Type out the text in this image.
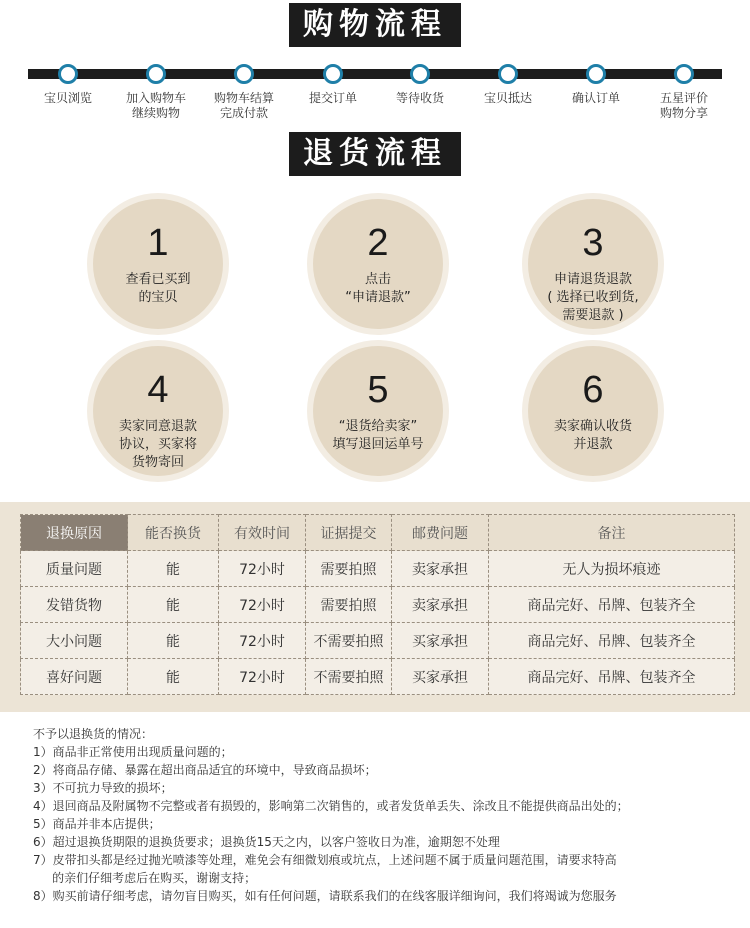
购物流程
宝贝浏览	加入购物车
继续购物
购物车结算
完成付款
提交订单	等待收货	宝贝抵达	确认订单	五星评价
购物分享
退货流程
1
查看已买到
的宝贝
2
点击
“申请退款”
3
申请退货退款
( 选择已收到货,
需要退款 )
4
卖家同意退款
协议，买家将
货物寄回
5
“退货给卖家”
填写退回运单号
6
卖家确认收货
并退款
退换原因	能否换货	有效时间	证据提交	邮费问题	备注
质量问题	能	72小时	需要拍照	卖家承担	无人为损坏痕迹
发错货物	能	72小时	需要拍照	卖家承担	商品完好、吊牌、包装齐全
大小问题	能	72小时	不需要拍照	买家承担	商品完好、吊牌、包装齐全
喜好问题	能	72小时	不需要拍照	买家承担	商品完好、吊牌、包装齐全
不予以退换货的情况：
1）商品非正常使用出现质量问题的；
2）将商品存储、暴露在超出商品适宜的环境中，导致商品损坏；
3）不可抗力导致的损坏；
4）退回商品及附属物不完整或者有损毁的，影响第二次销售的，或者发货单丢失、涂改且不能提供商品出处的；
5）商品并非本店提供；
6）超过退换货期限的退换货要求；退换货15天之内，以客户签收日为准，逾期恕不处理
7）皮带扣头都是经过抛光喷漆等处理，难免会有细微划痕或坑点，上述问题不属于质量问题范围，请要求特高
的亲们仔细考虑后在购买，谢谢支持；
8）购买前请仔细考虑，请勿盲目购买，如有任何问题，请联系我们的在线客服详细询问，我们将竭诚为您服务
